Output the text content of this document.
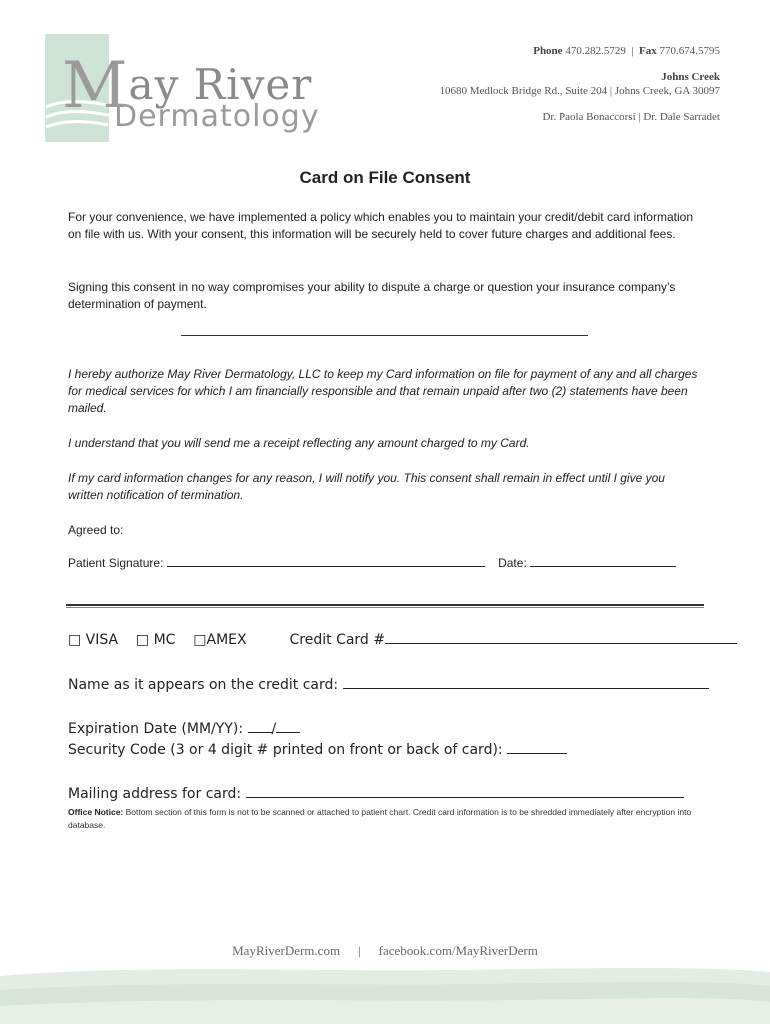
May River
Dermatology
Phone 470.282.5729  |  Fax 770.674.5795
Johns Creek
10680 Medlock Bridge Rd., Suite 204 | Johns Creek, GA 30097
Dr. Paola Bonaccorsi | Dr. Dale Sarradet
Card on File Consent
For your convenience, we have implemented a policy which enables you to maintain your credit/debit card information on file with us. With your consent, this information will be securely held to cover future charges and additional fees.
Signing this consent in no way compromises your ability to dispute a charge or question your insurance company’s determination of payment.
I hereby authorize May River Dermatology, LLC to keep my Card information on file for payment of any and all charges for medical services for which I am financially responsible and that remain unpaid after two (2) statements have been mailed.
I understand that you will send me a receipt reflecting any amount charged to my Card.
If my card information changes for any reason, I will notify you. This consent shall remain in effect until I give you written notification of termination.
Agreed to:
Patient Signature:	Date:
□ VISA □ MC □AMEX	Credit Card #
Name as it appears on the credit card:
Expiration Date (MM/YY): /
Security Code (3 or 4 digit # printed on front or back of card):
Mailing address for card:
Office Notice: Bottom section of this form is not to be scanned or attached to patient chart. Credit card information is to be shredded immediately after encryption into database.
MayRiverDerm.com | facebook.com/MayRiverDerm
